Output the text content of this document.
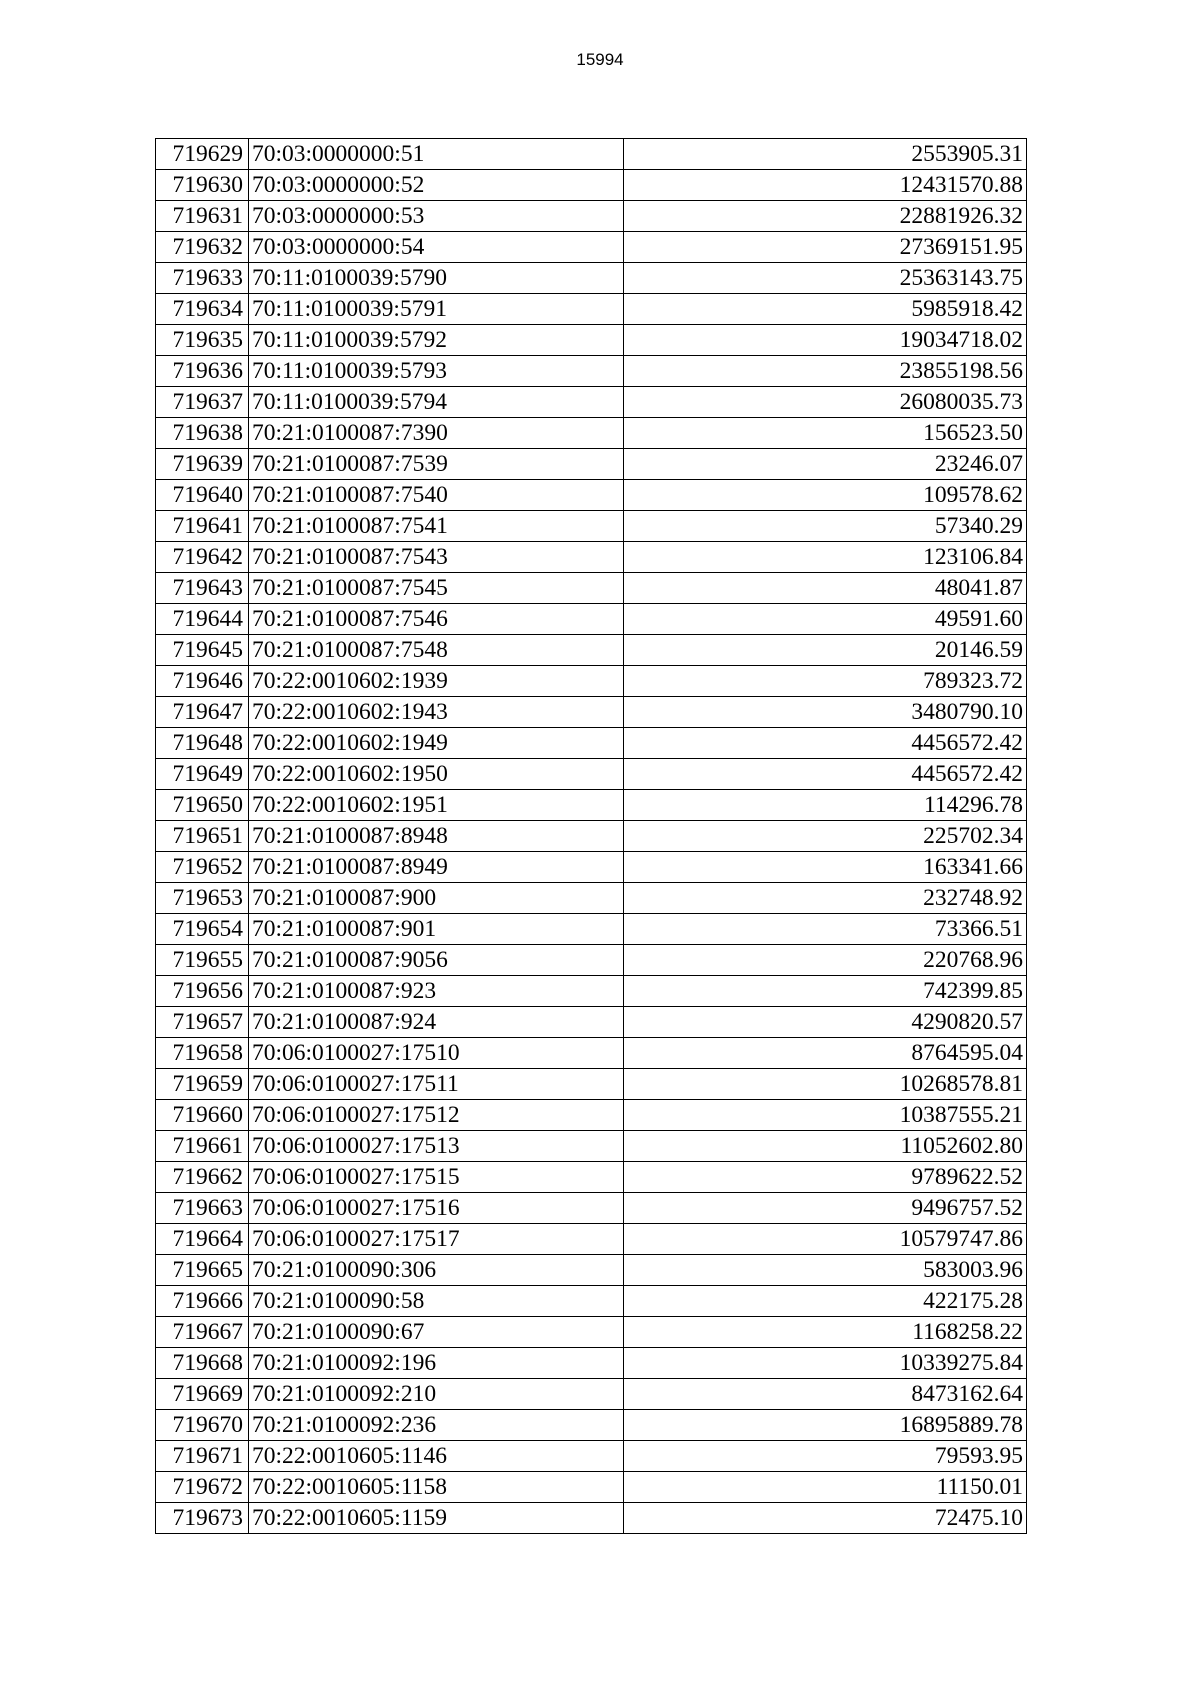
15994
719629	70:03:0000000:51	2553905.31
719630	70:03:0000000:52	12431570.88
719631	70:03:0000000:53	22881926.32
719632	70:03:0000000:54	27369151.95
719633	70:11:0100039:5790	25363143.75
719634	70:11:0100039:5791	5985918.42
719635	70:11:0100039:5792	19034718.02
719636	70:11:0100039:5793	23855198.56
719637	70:11:0100039:5794	26080035.73
719638	70:21:0100087:7390	156523.50
719639	70:21:0100087:7539	23246.07
719640	70:21:0100087:7540	109578.62
719641	70:21:0100087:7541	57340.29
719642	70:21:0100087:7543	123106.84
719643	70:21:0100087:7545	48041.87
719644	70:21:0100087:7546	49591.60
719645	70:21:0100087:7548	20146.59
719646	70:22:0010602:1939	789323.72
719647	70:22:0010602:1943	3480790.10
719648	70:22:0010602:1949	4456572.42
719649	70:22:0010602:1950	4456572.42
719650	70:22:0010602:1951	114296.78
719651	70:21:0100087:8948	225702.34
719652	70:21:0100087:8949	163341.66
719653	70:21:0100087:900	232748.92
719654	70:21:0100087:901	73366.51
719655	70:21:0100087:9056	220768.96
719656	70:21:0100087:923	742399.85
719657	70:21:0100087:924	4290820.57
719658	70:06:0100027:17510	8764595.04
719659	70:06:0100027:17511	10268578.81
719660	70:06:0100027:17512	10387555.21
719661	70:06:0100027:17513	11052602.80
719662	70:06:0100027:17515	9789622.52
719663	70:06:0100027:17516	9496757.52
719664	70:06:0100027:17517	10579747.86
719665	70:21:0100090:306	583003.96
719666	70:21:0100090:58	422175.28
719667	70:21:0100090:67	1168258.22
719668	70:21:0100092:196	10339275.84
719669	70:21:0100092:210	8473162.64
719670	70:21:0100092:236	16895889.78
719671	70:22:0010605:1146	79593.95
719672	70:22:0010605:1158	11150.01
719673	70:22:0010605:1159	72475.10
